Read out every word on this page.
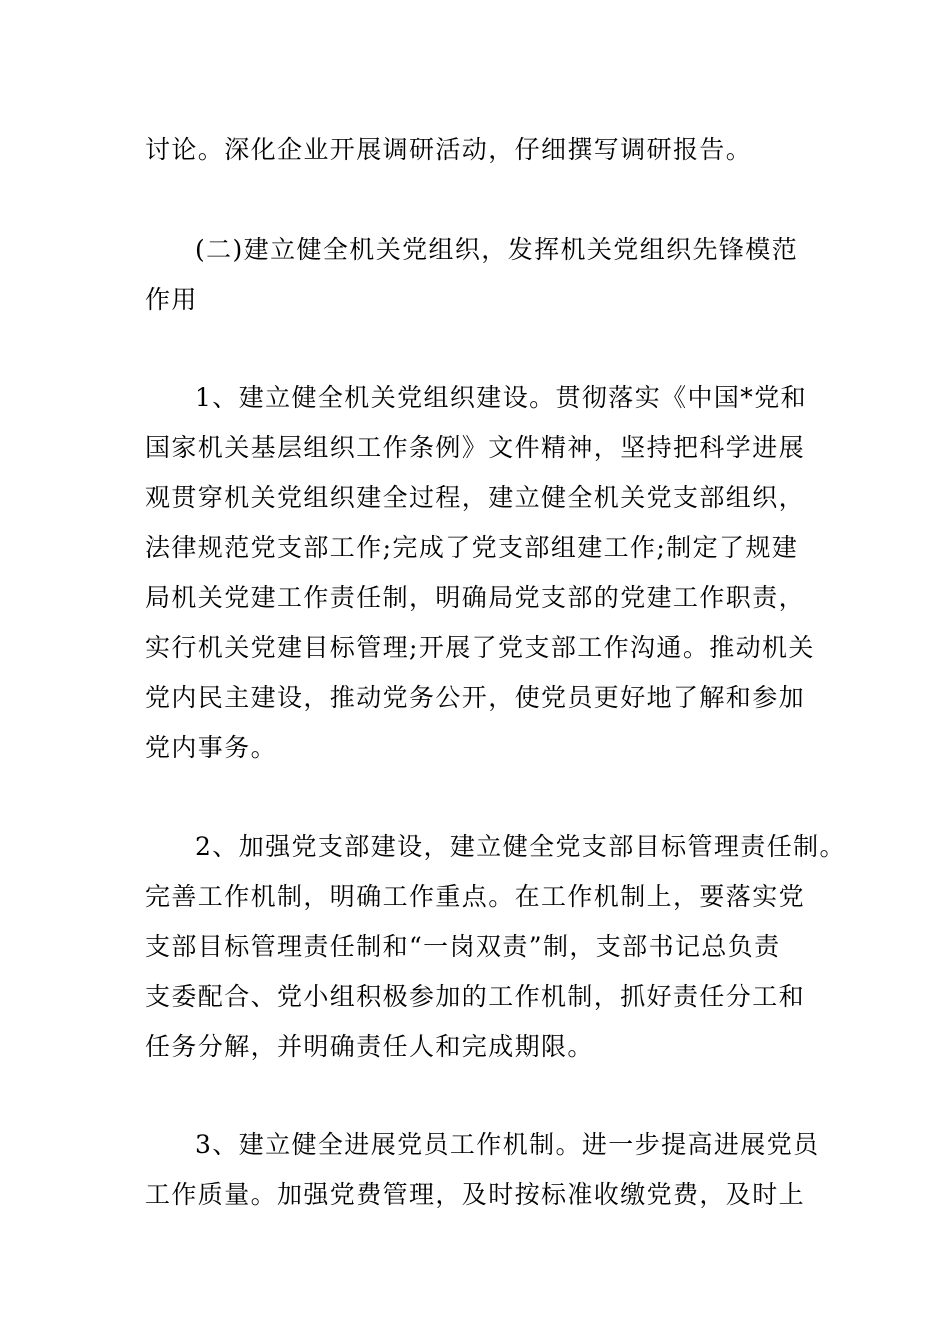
讨论。深化企业开展调研活动，仔细撰写调研报告。

(二)建立健全机关党组织，发挥机关党组织先锋模范
作用

1、建立健全机关党组织建设。贯彻落实《中国*党和
国家机关基层组织工作条例》文件精神，坚持把科学进展
观贯穿机关党组织建全过程，建立健全机关党支部组织，
法律规范党支部工作;完成了党支部组建工作;制定了规建
局机关党建工作责任制，明确局党支部的党建工作职责，
实行机关党建目标管理;开展了党支部工作沟通。推动机关
党内民主建设，推动党务公开，使党员更好地了解和参加
党内事务。

2、加强党支部建设，建立健全党支部目标管理责任制。
完善工作机制，明确工作重点。在工作机制上，要落实党
支部目标管理责任制和“一岗双责”制，支部书记总负责
支委配合、党小组积极参加的工作机制，抓好责任分工和
任务分解，并明确责任人和完成期限。

3、建立健全进展党员工作机制。进一步提高进展党员
工作质量。加强党费管理，及时按标准收缴党费，及时上
